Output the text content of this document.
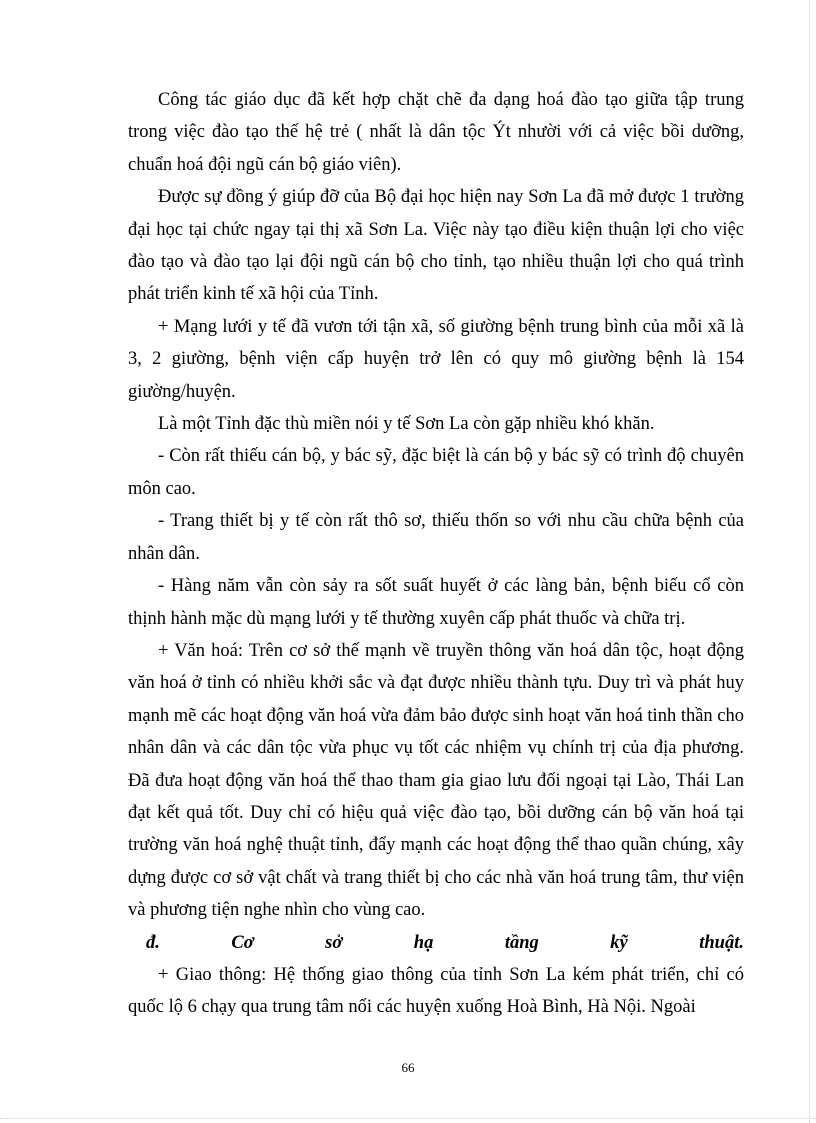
Công tác giáo dục đã kết hợp chặt chẽ đa dạng hoá đào tạo giữa tập trung trong việc đào tạo thế hệ trẻ ( nhất là dân tộc Ýt nhười với cả việc bồi dưỡng, chuẩn hoá đội ngũ cán bộ giáo viên).

Được sự đồng ý giúp đỡ của Bộ đại học hiện nay Sơn La đã mở được 1 trường đại học tại chức ngay tại thị xã Sơn La. Việc này tạo điều kiện thuận lợi cho việc đào tạo và đào tạo lại đội ngũ cán bộ cho tỉnh, tạo nhiều thuận lợi cho quá trình phát triển kinh tế xã hội của Tỉnh.

+ Mạng lưới y tế đã vươn tới tận xã, số giường bệnh trung bình của mỗi xã là 3, 2 giường, bệnh viện cấp huyện trở lên có quy mô giường bệnh là 154 giường/huyện.

Là một Tỉnh đặc thù miền nói y tế Sơn La còn gặp nhiều khó khăn.

- Còn rất thiếu cán bộ, y bác sỹ, đặc biệt là cán bộ y bác sỹ có trình độ chuyên môn cao.

- Trang thiết bị y tế còn rất thô sơ, thiếu thốn so với nhu cầu chữa bệnh của nhân dân.

- Hàng năm vẫn còn sảy ra sốt suất huyết ở các làng bản, bệnh biếu cổ còn thịnh hành mặc dù mạng lưới y tế thường xuyên cấp phát thuốc và chữa trị.

+ Văn hoá: Trên cơ sở thế mạnh về truyền thông văn hoá dân tộc, hoạt động văn hoá ở tỉnh có nhiều khởi sắc và đạt được nhiều thành tựu. Duy trì và phát huy mạnh mẽ các hoạt động văn hoá vừa đảm bảo được sinh hoạt văn hoá tinh thần cho nhân dân và các dân tộc vừa phục vụ tốt các nhiệm vụ chính trị của địa phương. Đã đưa hoạt động văn hoá thể thao tham gia giao lưu đối ngoại tại Lào, Thái Lan đạt kết quả tốt. Duy chỉ có hiệu quả việc đào tạo, bồi dưỡng cán bộ văn hoá tại trường văn hoá nghệ thuật tỉnh, đẩy mạnh các hoạt động thể thao quần chúng, xây dựng được cơ sở vật chất và trang thiết bị cho các nhà văn hoá trung tâm, thư viện và phương tiện nghe nhìn cho vùng cao.

đ.	Cơ	sở	hạ	tầng	kỹ	thuật.

+ Giao thông: Hệ thống giao thông của tỉnh Sơn La kém phát triển, chỉ có quốc lộ 6 chạy qua trung tâm nối các huyện xuống Hoà Bình, Hà Nội. Ngoài

66
